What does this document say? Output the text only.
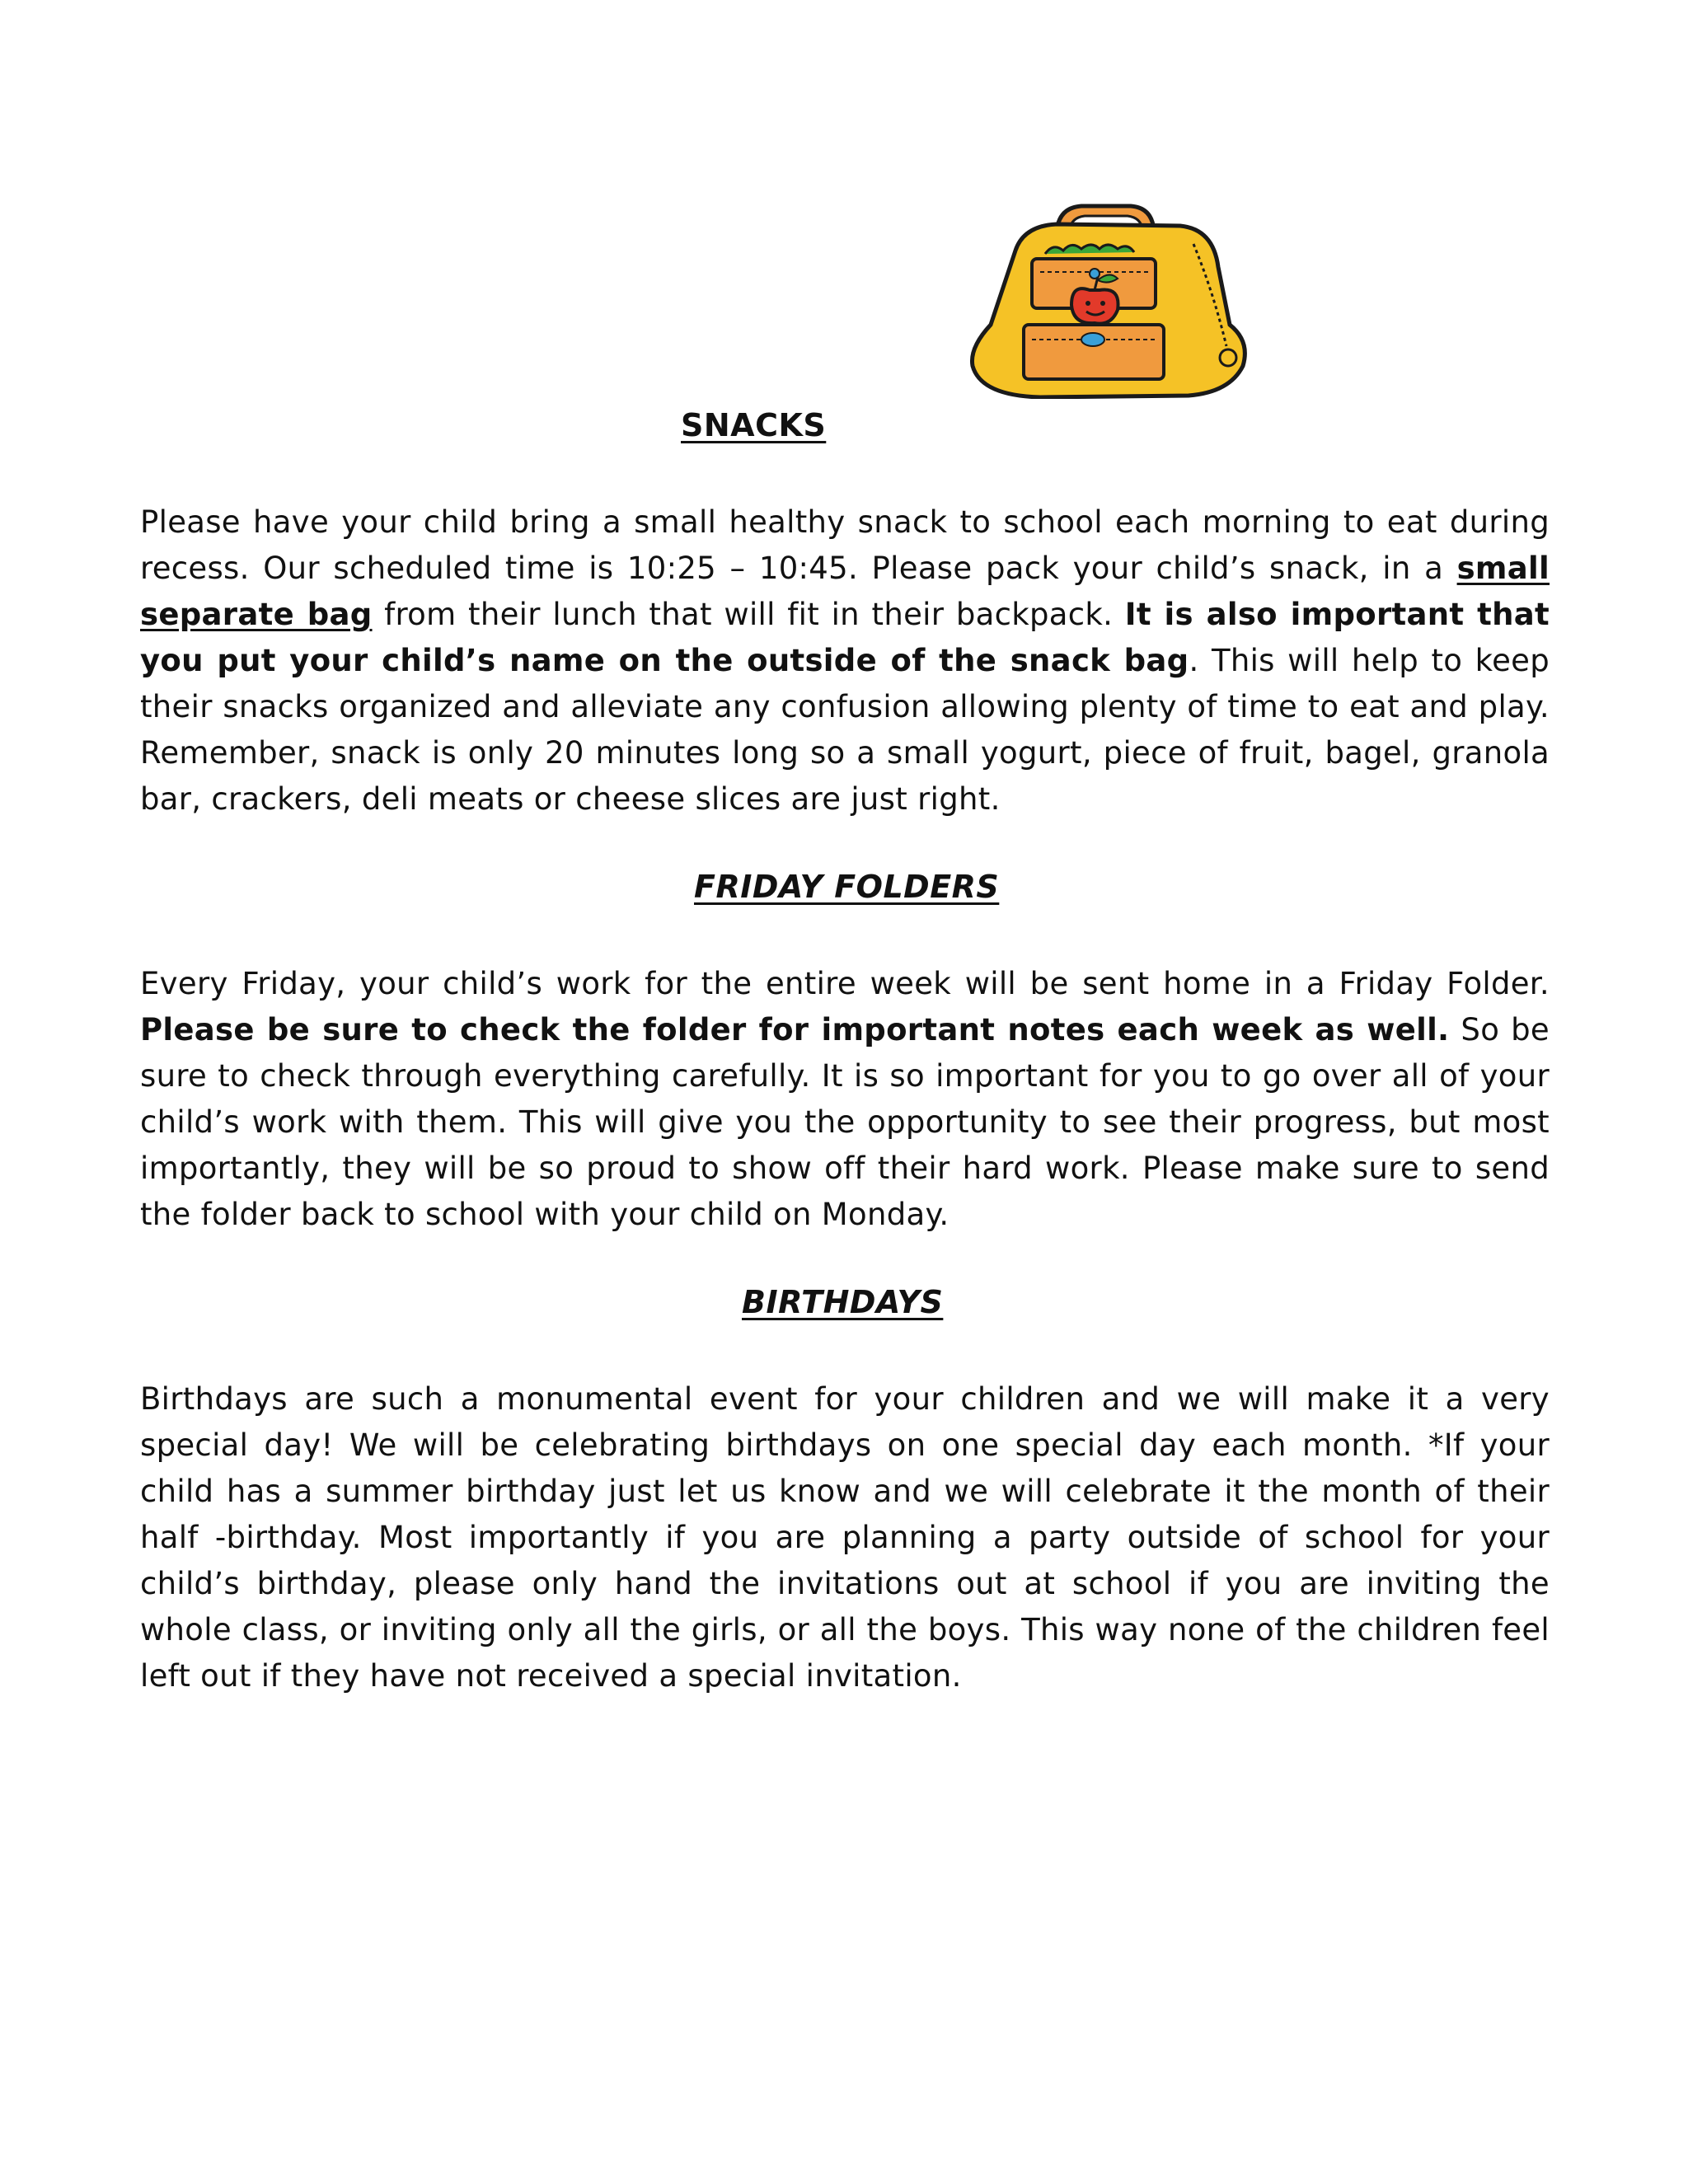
SNACKS

Please have your child bring a small healthy snack to school each morning to eat during recess. Our scheduled time is 10:25 – 10:45. Please pack your child’s snack, in a small separate bag from their lunch that will fit in their backpack. It is also important that you put your child’s name on the outside of the snack bag. This will help to keep their snacks organized and alleviate any confusion allowing plenty of time to eat and play. Remember, snack is only 20 minutes long so a small yogurt, piece of fruit, bagel, granola bar, crackers, deli meats or cheese slices are just right.

FRIDAY FOLDERS

Every Friday, your child’s work for the entire week will be sent home in a Friday Folder. Please be sure to check the folder for important notes each week as well. So be sure to check through everything carefully. It is so important for you to go over all of your child’s work with them. This will give you the opportunity to see their progress, but most importantly, they will be so proud to show off their hard work. Please make sure to send the folder back to school with your child on Monday.

BIRTHDAYS

Birthdays are such a monumental event for your children and we will make it a very special day! We will be celebrating birthdays on one special day each month. *If your child has a summer birthday just let us know and we will celebrate it the month of their half -birthday. Most importantly if you are planning a party outside of school for your child’s birthday, please only hand the invitations out at school if you are inviting the whole class, or inviting only all the girls, or all the boys. This way none of the children feel left out if they have not received a special invitation.
